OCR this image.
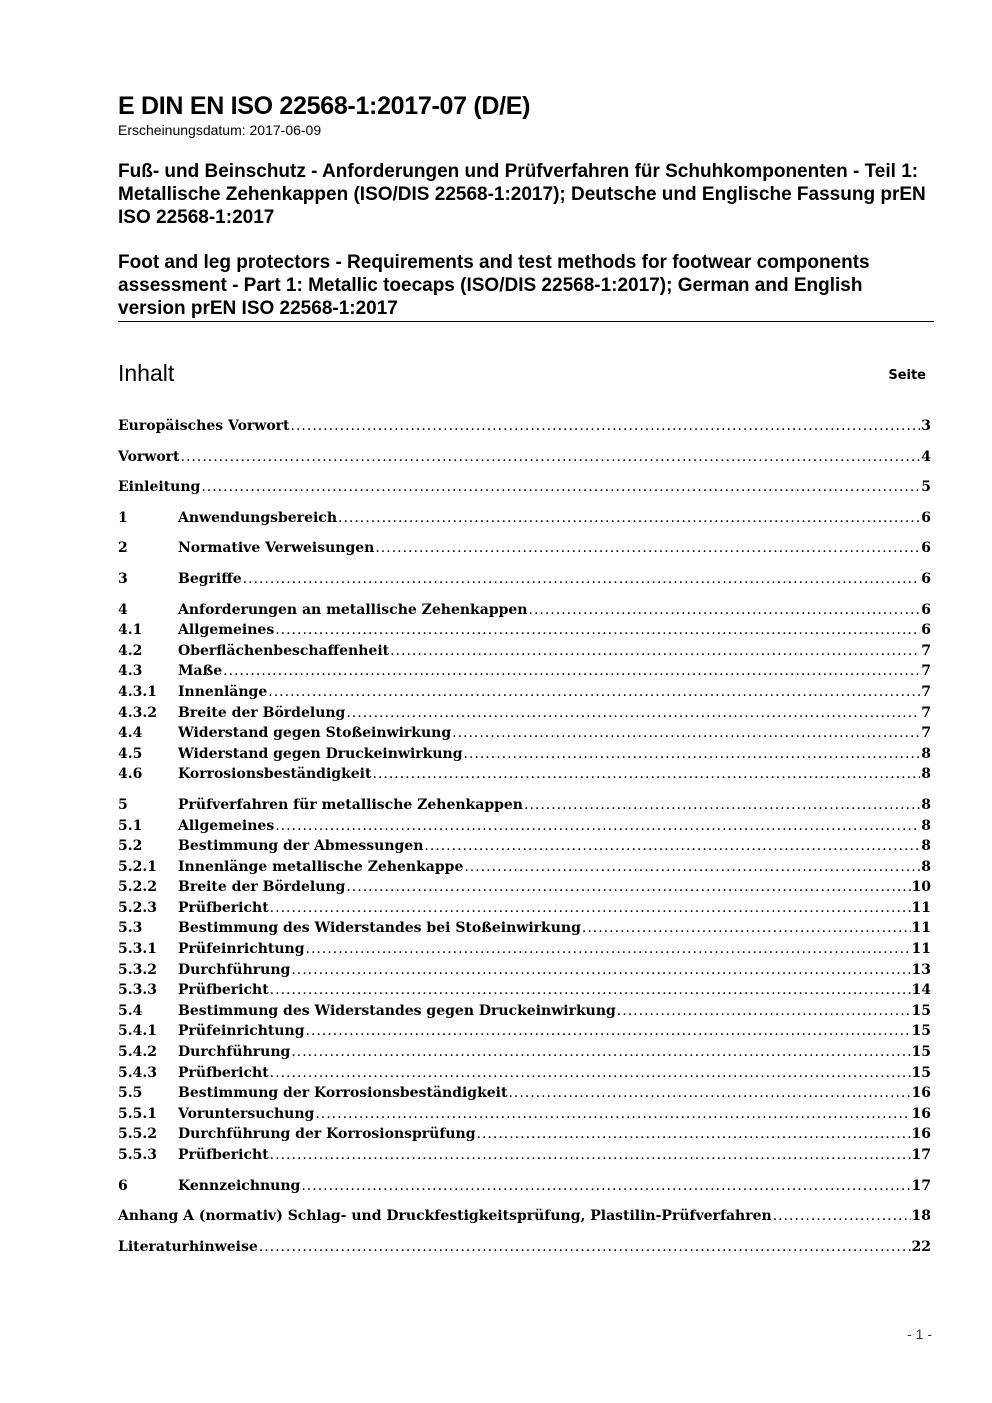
E DIN EN ISO 22568-1:2017-07 (D/E)
Erscheinungsdatum: 2017-06-09
Fuß- und Beinschutz - Anforderungen und Prüfverfahren für Schuhkomponenten - Teil 1: Metallische Zehenkappen (ISO/DIS 22568-1:2017); Deutsche und Englische Fassung prEN ISO 22568-1:2017
Foot and leg protectors - Requirements and test methods for footwear components assessment - Part 1: Metallic toecaps (ISO/DIS 22568-1:2017); German and English version prEN ISO 22568-1:2017
Inhalt	Seite
Europäisches Vorwort .....	3
Vorwort .....	4
Einleitung .....	5
1	Anwendungsbereich .....	6
2	Normative Verweisungen .....	6
3	Begriffe .....	6
4	Anforderungen an metallische Zehenkappen .....	6
4.1	Allgemeines .....	6
4.2	Oberflächenbeschaffenheit .....	7
4.3	Maße .....	7
4.3.1	Innenlänge .....	7
4.3.2	Breite der Bördelung .....	7
4.4	Widerstand gegen Stoßeinwirkung .....	7
4.5	Widerstand gegen Druckeinwirkung .....	8
4.6	Korrosionsbeständigkeit .....	8
5	Prüfverfahren für metallische Zehenkappen .....	8
5.1	Allgemeines .....	8
5.2	Bestimmung der Abmessungen .....	8
5.2.1	Innenlänge metallische Zehenkappe .....	8
5.2.2	Breite der Bördelung .....	10
5.2.3	Prüfbericht .....	11
5.3	Bestimmung des Widerstandes bei Stoßeinwirkung .....	11
5.3.1	Prüfeinrichtung .....	11
5.3.2	Durchführung .....	13
5.3.3	Prüfbericht .....	14
5.4	Bestimmung des Widerstandes gegen Druckeinwirkung .....	15
5.4.1	Prüfeinrichtung .....	15
5.4.2	Durchführung .....	15
5.4.3	Prüfbericht .....	15
5.5	Bestimmung der Korrosionsbeständigkeit .....	16
5.5.1	Voruntersuchung .....	16
5.5.2	Durchführung der Korrosionsprüfung .....	16
5.5.3	Prüfbericht .....	17
6	Kennzeichnung .....	17
Anhang A (normativ) Schlag- und Druckfestigkeitsprüfung, Plastilin-Prüfverfahren .....	18
Literaturhinweise .....	22
- 1 -
